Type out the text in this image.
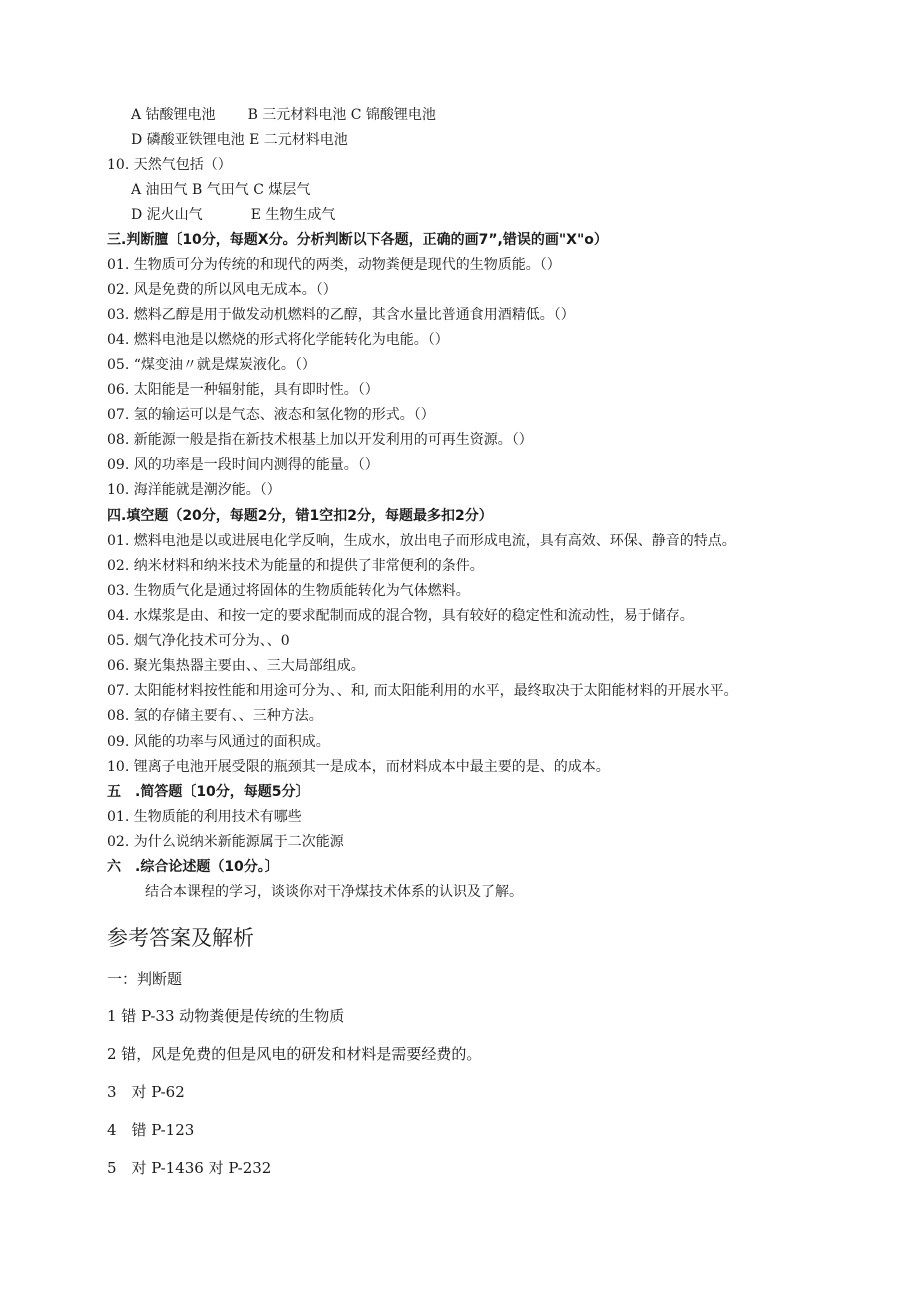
A 钴酸锂电池 B 三元材料电池 C 锦酸锂电池
D 磷酸亚铁锂电池 E 二元材料电池
10. 天然气包括（）
A 油田气 B 气田气 C 煤层气
D 泥火山气	E 生物生成气
三.判断膻〔10分，每题X分。分析判断以下各题，正确的画7”,错误的画"X"o）
01. 生物质可分为传统的和现代的两类，动物粪便是现代的生物质能。（）
02. 风是免费的所以风电无成本。（）
03. 燃料乙醇是用于做发动机燃料的乙醇，其含水量比普通食用酒精低。（）
04. 燃料电池是以燃烧的形式将化学能转化为电能。（）
05. “煤变油〃就是煤炭液化。（）
06. 太阳能是一种辐射能，具有即时性。（）
07. 氢的输运可以是气态、液态和氢化物的形式。（）
08. 新能源一般是指在新技术根基上加以开发利用的可再生资源。（）
09. 风的功率是一段时间内测得的能量。（）
10. 海洋能就是潮汐能。（）
四.填空题（20分，每题2分，错1空扣2分，每题最多扣2分）
01. 燃料电池是以或进展电化学反响，生成水，放出电子而形成电流，具有高效、环保、静音的特点。
02. 纳米材料和纳米技术为能量的和提供了非常便利的条件。
03. 生物质气化是通过将固体的生物质能转化为气体燃料。
04. 水煤浆是由、和按一定的要求配制而成的混合物，具有较好的稳定性和流动性，易于储存。
05. 烟气净化技术可分为、、0
06. 聚光集热器主要由、、三大局部组成。
07. 太阳能材料按性能和用途可分为、、和, 而太阳能利用的水平，最终取决于太阳能材料的开展水平。
08. 氢的存储主要有、、三种方法。
09. 风能的功率与风通过的面积成。
10. 锂离子电池开展受限的瓶颈其一是成本，而材料成本中最主要的是、的成本。
五　.简答题〔10分，每题5分〕
01. 生物质能的利用技术有哪些
02. 为什么说纳米新能源属于二次能源
六　.综合论述题（10分。〕
结合本课程的学习，谈谈你对干净煤技术体系的认识及了解。
参考答案及解析
一：判断题
1 错 P-33 动物粪便是传统的生物质
2 错，风是免费的但是风电的研发和材料是需要经费的。
3　对 P-62
4　错 P-123
5　对 P-1436 对 P-232
